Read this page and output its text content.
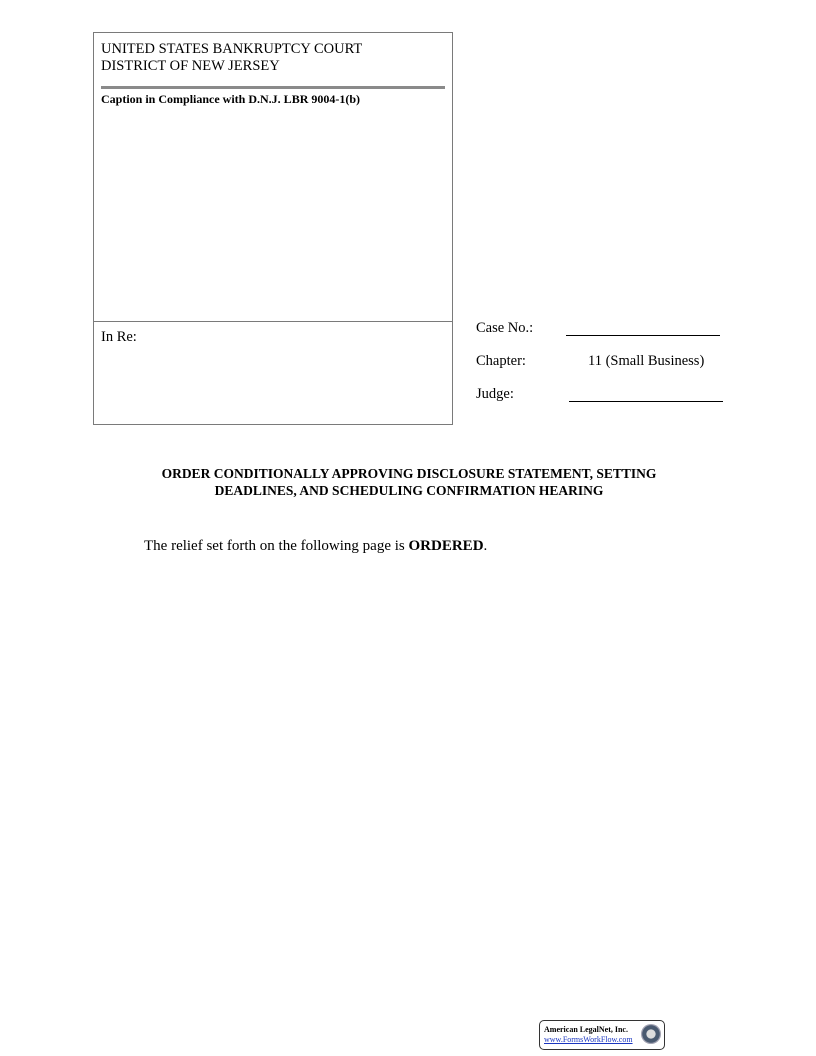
UNITED STATES BANKRUPTCY COURT
DISTRICT OF NEW JERSEY
Caption in Compliance with D.N.J. LBR 9004-1(b)
In Re:
Case No.:
Chapter:	11 (Small Business)
Judge:
ORDER CONDITIONALLY APPROVING DISCLOSURE STATEMENT, SETTING
DEADLINES, AND SCHEDULING CONFIRMATION HEARING
The relief set forth on the following page is ORDERED.
American LegalNet, Inc.
www.FormsWorkFlow.com
